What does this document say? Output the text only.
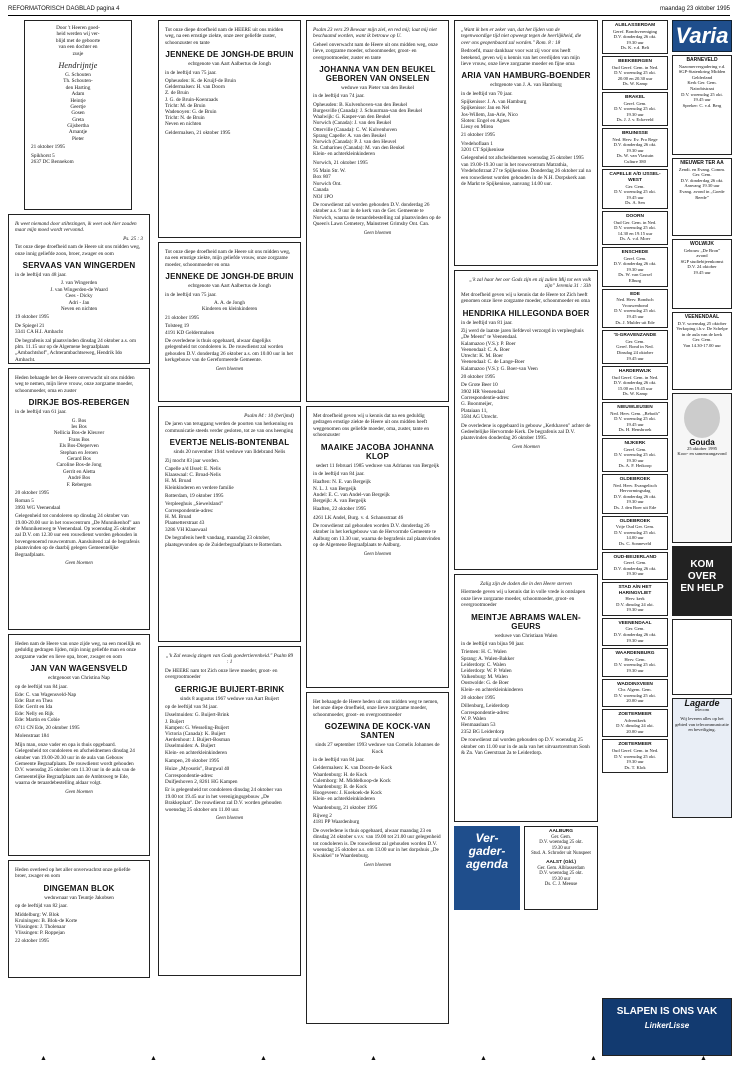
REFORMATORISCH DAGBLAD pagina 4	maandag 23 oktober 1995
Door 't Heeren goed-
heid werden wij ver-
blijd met de geboorte
van een dochter en
zusje
Hendrijntje
G. Schouten
Th. Schouten-
den Harting
Adam
Heintje
Geertje
Gosen
Greta
Gijsbertha
Arnantje
Pieter

21 oktober 1995

Spikhorst 5
2637 DC Bennekom

Ik weet niemand door stiltezingen, ik weet ook hier zouden maar mijn moed wordt vervonnd.

Ps. 25 : 3

Tot onze diepe droefheid nam de Heere uit ons midden weg, onze innig geliefde zoon, broer, zwager en oom

SERVAAS VAN WINGERDEN

in de leeftijd van 48 jaar.

J. van Wingerden
J. van Wingerden-de Waard
Cees - Dicky
Adri - Jan
Neven en nichten

19 oktober 1995

De Spiegel 21
3341 CA H.I. Ambacht

De begrafenis zal plaatsvinden dinsdag 24 oktober a.s. om plm. 11.15 uur op de Algemene begraafplaats „Ambachtshof", Achterambachtseweg, Hendrik Ido Ambacht.

Heden behaagde het de Heere onverwacht uit ons midden weg te nemen, mijn lieve vrouw, onze zorgzame moeder, schoonmoeder, oma en zuster

DIRKJE BOS-REBERGEN

in de leeftijd van 61 jaar.

G. Bos
Ies Bos
Nellicia Bos-de Kleuver
Frans Bos
Els Bos-Dieperven
Stephan en Jeroen
Gerard Bos
Caroline Bos-de Jong
Gerrit en Aletta
André Bos
F. Rebergen

20 oktober 1995

Roman 5
3993 WG Veenendaal

Gelegenheid tot condoleren op dinsdag 24 oktober van 19.00-20.00 uur in het rouwcentrum „De Munnikenhof" aan de Munnikenweg te Veenendaal. Op woensdag 25 oktober zal D.V. om 12.30 uur een rouwdienst worden gehouden in bovengenoemd rouwcentrum. Aansluitend zal de begrafenis plaatsvinden op de daarbij gelegen Gemeentelijke Begraafplaats.

Geen bloemen

Heden nam de Heere van onze zijde weg, na een moeilijk en geduldig gedragen lijden, mijn innig geliefde man en onze zorgzame vader en lieve opa, broer, zwager en oom

JAN VAN WAGENSVELD
echtgenoot van Christina Nap

op de leeftijd van 84 jaar.

Ede: C. van Wagensveld-Nap
Ede: Bart en Thea
Ede: Gerrit en Ida
Ede: Nelly en Rijk
Ede: Martin en Cobie

6711 CN Ede, 20 oktober 1995

Molenstraat 184

Mijn man, onze vader en opa is thuis opgebaard. Gelegenheid tot condoleren en afscheidnemen dinsdag 24 oktober van 19.00-20.30 uur in de aula van Gebouw Gemeente Begraafplaats. De rouwdienst wordt gehouden D.V. woensdag 25 oktober om 11.30 uur in de aula van de Gemeentelijke Begraafplaats aan de Ambtsweg te Ede, waarna de teraardebestelling aldaar volgt.

Geen bloemen

Heden overleed op het aller onverwachtst onze geliefde broer, zwager en oom

DINGEMAN BLOK
weduwnaar van Teuntje Jakobsen

op de leeftijd van 82 jaar.

Middelburg: W. Blok
Kruiningen: B. Blok-de Korte
Vlissingen: J. Tholenaar
Vlissingen: P. Roppejan

22 oktober 1995

Tot onze diepe droefheid nam de HEERE uit ons midden weg, na een ernstige ziekte, onze zeer geliefde zuster, schoonzuster en tante

JENNEKE DE JONGH-DE BRUIN
echtgenote van Aart Aalbertus de Jongh

in de leeftijd van 75 jaar.

Opheusden: K. de Kruijf-de Bruin
Geldermalsen: H. van Doorn
Z. de Bruin
J. G. de Bruin-Koenraads
Tricht: M. de Bruin
Wadenoyen: G. de Bruin
Tricht: N. de Bruin
Neven en nichten

Geldermalsen, 21 oktober 1995

Tot onze diepe droefheid nam de Heere uit ons midden weg, na een ernstige ziekte, mijn geliefde vrouw, onze zorgzame moeder, schoonmoeder en oma

JENNEKE DE JONGH-DE BRUIN
echtgenote van Aart Aalbertus de Jongh

in de leeftijd van 75 jaar.

A. A. de Jongh
Kinderen en kleinkinderen

21 oktober 1995

Tolsteeg 19
4191 KD Geldermalsen

De overledene is thuis opgebaard, alwaar dagelijks gelegenheid tot condoleren is. De rouwdienst zal worden gehouden D.V. donderdag 26 oktober a.s. om 10.00 uur in het kerkgebouw van de Gereformeerde Gemeente.

Geen bloemen

Psalm 84 : 10 (berijmd)

De jaren van teruggang werden de poorten van herkenning en communicatie steeds verder gesloten, tot ze van ons heenging

EVERTJE NELIS-BONTENBAL
sinds 20 november 1944 weduwe van Ildebrand Nelis

Zij mocht 83 jaar worden.

Capelle a/d IJssel: E. Nelis
Klaaswaal: C. Broad-Nelis
H. M. Broad
Kleinkinderen en verdere familie

Rotterdam, 19 oktober 1995

Verpleeghuis „Siewelsland"
Correspondentie-adres:
H. M. Broad
Plaatsetterstraat 43
3286 VH Klaaswaal

De begrafenis heeft vandaag, maandag 23 oktober, plaatsgevonden op de Zuiderbegraafplaats te Rotterdam.

„'k Zal eeuwig zingen van Gods goedertierenheid." Psalm 89 : 1

De HEERE nam tot Zich onze lieve moeder, groot- en overgrootmoeder

GERRIGJE BUIJERT-BRINK
sinds 8 augustus 1967 weduwe van Aart Buijert

op de leeftijd van 94 jaar.

IJsselmuiden: G. Buijert-Brink
J. Buijert
Kampen: G. Wesseling-Buijert
Victoria (Canada): K. Buijert
Aerdenhout: J. Buijert-Bosman
IJsselmuiden: A. Buijert
Klein- en achterkleinkinderen

Kampen, 20 oktober 1995

Huize „Myosotis", Burgwal 40
Correspondentie-adres:
Duifjeshoven 2, 8261 HG Kampen

Er is gelegenheid tot condoleren dinsdag 24 oktober van 19.00 tot 19.45 uur in het verenigingsgebouw „De Brakkeplaat". De rouwdienst zal D.V. worden gehouden woensdag 25 oktober om 11.00 uur.

Geen bloemen

Psalm 23 vers 29 Bewaar mijn ziel, en red mij; laat mij niet beschaamd worden, want ik betrouw op U.

Geheel onverwacht nam de Heere uit ons midden weg, onze lieve, zorgzame moeder, schoonmoeder, groot- en overgrootmoeder, zuster en tante

JOHANNA VAN DEN BEUKEL GEBOREN VAN ONSELEN
weduwe van Pieter van den Beukel

in de leeftijd van 74 jaar.

Opheusden: B. Kulvenhoven-van den Beukel
Burgesville (Canada): J. Schuurman-van den Beukel
Waalwijk: G. Kasper-van den Beukel
Norwich (Canada): J. van den Beukel
Otterville (Canada): C. W. Kulvenhoven
Sprang Capelle: A. van den Beukel
Norwich (Canada): P. J. van den Heuvel
St. Catharines (Canada): M. van den Beukel
Klein- en achterkleinkinderen

Norwich, 21 oktober 1995

95 Main Str. W.
Box 807
Norwich Ont.
Canada
NOJ 1PO

De rouwdienst zal worden gehouden D.V. donderdag 26 oktober a.s. 9 uur in de kerk van de Ger. Gemeente te Norwich, waarna de teraardebestelling zal plaatsvinden op de Queen's Lawn Cemetery, Mainstreet Grimsby Ont. Can.

Geen bloemen

Met droefheid geven wij u kennis dat na een geduldig gedragen ernstige ziekte de Heere uit ons midden heeft weggenomen ons geliefde moeder, oma, zuster, tante en schoonzuster

MAAIKE JACOBA JOHANNA KLOP
sedert 11 februari 1985 weduwe van Adrianus van Bergeijk

in de leeftijd van 84 jaar.

Haaften: N. E. van Bergeijk
N. L. J. van Bergeijk
Andel: E. C. van Andel-van Bergeijk
Bergeijk: A. van Bergeijk

Haaften, 22 oktober 1995

4261 LK Andel, Burg. v. d. Schansstraat 46

De rouwdienst zal gehouden worden D.V. donderdag 26 oktober in het kerkgebouw van de Hervormde Gemeente te Aalburg om 13.30 uur, waarna de begrafenis zal plaatsvinden op de Algemene Begraafplaats te Aalburg.

Geen bloemen

Het behaagde de Heere heden uit ons midden weg te nemen, het onze diepe droefheid, onze lieve zorgzame moeder, schoonmoeder, groot- en overgrootmoeder

GOZEWINA DE KOCK-VAN SANTEN
sinds 27 september 1993 weduwe van Cornelis Johannes de Kock

in de leeftijd van 84 jaar.

Geldermalsen: K. van Doorn-de Kock
Waardenburg: H. de Kock
Culemborg: M. Middelkoop-de Kock
Waardenburg: B. de Kock
Hoogeveen: J. Koekoek-de Kock
Klein- en achterkleinkinderen

Waardenburg, 21 oktober 1995

Rijweg 2
4181 PP Waardenburg

De overledene is thuis opgebaard, alwaar maandag 23 en dinsdag 24 oktober s.v.v. van 19.00 tot 21.00 uur gelegenheid tot condoleren is. De rouwdienst zal gehouden worden D.V. woensdag 25 oktober a.s. om 13.00 uur in het dorpshuis „De Kwakkel" te Waardenburg.

Geen bloemen

„Want ik ben er zeker van, dat het lijden van de tegenwoordige tijd niet opweegt tegen de heerlijkheid, die over ons geopenbaard zal worden." Rom. 8 : 18

Bedroefd, maar dankbaar voor wat zij voor ons heeft betekend, geven wij u kennis van het overlijden van mijn lieve vrouw, onze lieve zorgzame moeder en fijne oma

ARIA VAN HAMBURG-BOENDER
echtgenote van J. A. van Hamburg

in de leeftijd van 70 jaar.

Spijkenisse: J. A. van Hamburg
Spijkenisse: Jan en Nel
Jos-Willem, Jan-Arie, Nico
Sloten: Engel en Agnes
Lieuy en Mirea

21 oktober 1995

Vredehoflaan 1
3201 CT Spijkenisse

Gelegenheid tot afscheidnemen woensdag 25 oktober 1995 van 19.00-19.30 uur in het rouwcentrum Matrathia, Vredehofstraat 27 te Spijkenisse. Donderdag 26 oktober zal na een rouwdienst worden gehouden in de N.H. Dorpskerk aan de Markt te Spijkenisse, aanvang 14.00 uur.

„'k zal haar het oor Gods zijn en zij zullen Mij tot een volk zijn" Jeremia 31 : 33b

Met droefheid geven wij u kennis dat de Heere tot Zich heeft genomen onze lieve zorgzame moeder, schoonmoeder en oma

HENDRIKA HILLEGONDA BOER

in de leeftijd van 81 jaar.

Zij werd de laatste jaren liefdevol verzorgd in verpleeghuis „De Meent" te Veenendaal.
Kalamazoo (V.S.): P. Boer
Veenendaal: C. A. Boer
Utrecht: K. M. Boer
Veenendaal: C. de Lange-Boer
Kalamazoo (V.S.): G. Boer-van Veen

20 oktober 1995

De Grote Beer 10
3902 HR Veenendaal
Correspondentie-adres:
G. Boonmeijer,
Plataiaan 11,
3584 AG Utrecht.

De overledene is opgebaard in gebouw „Kerkhaven" achter de Gedeeltelijke Hervormde Kerk. De begrafenis zal D.V. plaatsvinden donderdag 26 oktober 1995.

Geen bloemen

Zalig zijn de doden die in den Heere sterven

Hiermede geven wij u kennis dat in volle vrede is ontslapen onze lieve zorgzame moeder, schoonmoeder, groot- en overgrootmoeder

MEINTJE ABRAMS WALEN-GEURS
weduwe van Christiaan Walen

in de leeftijd van bijna 90 jaar.

Triemen: H. C. Walen
Sprang: A. Walen-Bakker
Leiderdorp: C. Walen
Leiderdorp: W. P. Walen
Valkenburg: M. Walen
Oostwolde: G. de Boer
Klein- en achterkleinkinderen

20 oktober 1995

Dillenburg, Leiderdorp
Correspondentie-adres:
W. P. Walen
Henmaaslaan 53
2352 BG Leiderdorp

De rouwdienst zal worden gehouden op D.V. woensdag 25 oktober om 11.00 uur in de aula van het uitvaartcentrum Sonh & Zn. Van Geerstraat 2a te Leiderdorp.

Ver-
gader-
agenda
AALBURG
Ger. Gem.
D.V. woensdag 25 okt.
19.30 uur
Stud. A. Schroder uit Nunspeet
AALST (Gld.)
Ger. Gem. Alblasserdam
D.V. woensdag 25 okt.
19.30 uur
Ds. C. J. Meeuse
ALBLASSERDAM
Geref. Bondsvereniging
D.V. donderdag 26 okt.
19.30 uur
Ds. K. v.d. Belt
BEEKBERGEN
Oud Geref. Gem. in Ned.
D.V. woensdag 25 okt.
20.00 en 20.30 uur
Ds. W. Kamp
BRAKEL
Geref. Gem.
D.V. woensdag 25 okt.
19.30 uur
Ds. J. J. v. Eckeveld
BRUINISSE
Ned. Herv. Ev. Pro Rege
D.V. donderdag 26 okt.
19.30 uur
Ds. W. van Vlastuin
Culture 380
CAPELLE A/D IJSSEL-WEST
Ger. Gem.
D.V. woensdag 25 okt.
19.45 uur
Ds. A. Sen
DOORN
Oud Ger. Gem. in Ned.
D.V. woensdag 25 okt.
14.30 en 19.15 uur
Ds. A. v.d. Moer
ENSCHEDE
Geref. Gem.
D.V. donderdag 26 okt.
19.30 uur
Ds. W. van Gorsel
Elburg
EDE
Ned. Herv. Bondsch Vrouwenbond
D.V. woensdag 25 okt.
19.45 uur
Ds. J. Mulder uit Ede
'S-GRAVENZANDE
Ger. Gem.
Geref. Bond in Ned.
Dinsdag 24 oktober
19.45 uur
HARDERWIJK
Oud Geref. Gem. in Ned.
D.V. donderdag 26 okt.
15.00 en 19.45 uur
Ds. W. Kamp
NIEUWLEUSEN
Ned. Herv. Gem. „Beboth”
D.V. woensdag 25 okt.
19.45 uur
Ds. H. Hensbroek
NIJKERK
Geref. Gem.
D.V. woensdag 25 okt.
19.30 uur
Ds. A. F. Heikoop
OLDEBROEK
Ned. Herv. Evangelisch Hervormingsdag
D.V. donderdag 26 okt.
19.30 uur
Ds. J. den Boer uit Ede
OLDEBROEK
Vrije Oud Ger. Gem.
D.V. woensdag 25 okt.
14.00 uur
Ds. C. Sonneveld
OUD-BEIJERLAND
Geref. Gem.
D.V. donderdag 26 okt.
19.30 uur
STAD A/N HET HARINGVLIET
Herv. kerk
D.V. dinsdag 24 okt.
19.30 uur
VEENENDAAL
Ger. Gem.
D.V. donderdag 26 okt.
19.30 uur
WAARDENBURG
Herv. Gem.
D.V. woensdag 25 okt.
19.30 uur
WADDINXVEEN
Chr. Algem. Gem.
D.V. woensdag 25 okt.
20.00 uur
ZOETERMEER
Adventkerk
D.V. dinsdag 24 okt.
20.00 uur
ZOETERMEER
Oud Geref. Gem. in Ned.
D.V. woensdag 25 okt.
19.30 uur
Ds. T. Klok
Varia
BARNEVELD
Nazomervergadering v.d. SGP-Statenkring Midden Gelderland
Kerk Ger. Gem.
Nairobistraat
D.V. woensdag 25 okt.
19.45 uur
Spreker: C. v.d. Berg
NIEUWER TER AA
Zendi. en Evang. Comm.
Ger. Gem.
D.V. donderdag 26 okt.
Aanvang 19.30 uur
Evang. avond in „Goede Reede”
WOLWIJK
Gebouw „De Bron”
avond
SGP studiebijeenkomst
D.V. 24 oktober
19.45 uur
VEENENDAAL
D.V. woensdag 25 oktober
Verkoping t.b.v. De Schelpe
in de aula van de kerk
Ger. Gem.
Van 14.30-17.00 uur
Gouda
25 oktober 1995
Koor- en samenzangavond
KOM OVER
EN HELP
Lagarde
telecom
Wij leveren alles op het gebied van telecommunicatie en beveiliging.
SLAPEN IS ONS VAK
LinkerLisse
▲	▲	▲	▲	▲	▲	▲
